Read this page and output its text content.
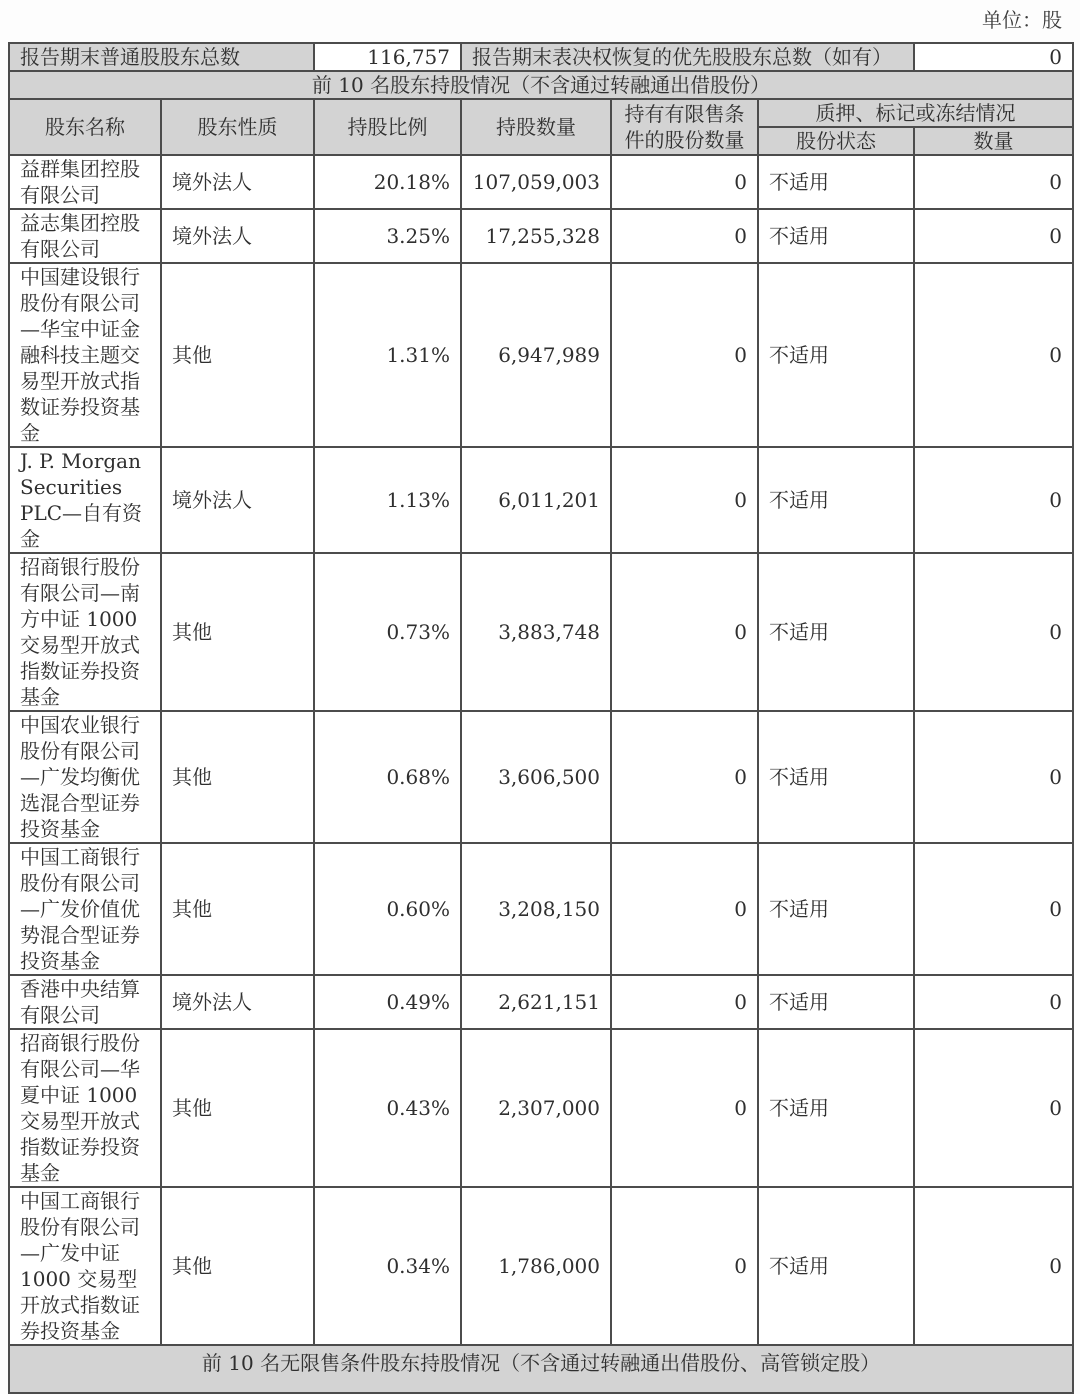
单位：股
报告期末普通股股东总数		116,757	报告期末表决权恢复的优先股股东总数（如有）			0
前 10 名股东持股情况（不含通过转融通出借股份）						
股东名称	股东性质	持股比例	持股数量	持有有限售条件的股份数量	质押、标记或冻结情况	
					股份状态	数量
益群集团控股有限公司	境外法人	20.18%	107,059,003	0	不适用	0
益志集团控股有限公司	境外法人	3.25%	17,255,328	0	不适用	0
中国建设银行股份有限公司—华宝中证金融科技主题交易型开放式指数证券投资基金	其他	1.31%	6,947,989	0	不适用	0
J. P. Morgan Securities PLC—自有资金	境外法人	1.13%	6,011,201	0	不适用	0
招商银行股份有限公司—南方中证 1000 交易型开放式指数证券投资基金	其他	0.73%	3,883,748	0	不适用	0
中国农业银行股份有限公司—广发均衡优选混合型证券投资基金	其他	0.68%	3,606,500	0	不适用	0
中国工商银行股份有限公司—广发价值优势混合型证券投资基金	其他	0.60%	3,208,150	0	不适用	0
香港中央结算有限公司	境外法人	0.49%	2,621,151	0	不适用	0
招商银行股份有限公司—华夏中证 1000 交易型开放式指数证券投资基金	其他	0.43%	2,307,000	0	不适用	0
中国工商银行股份有限公司—广发中证 1000 交易型开放式指数证券投资基金	其他	0.34%	1,786,000	0	不适用	0
前 10 名无限售条件股东持股情况（不含通过转融通出借股份、高管锁定股）						
